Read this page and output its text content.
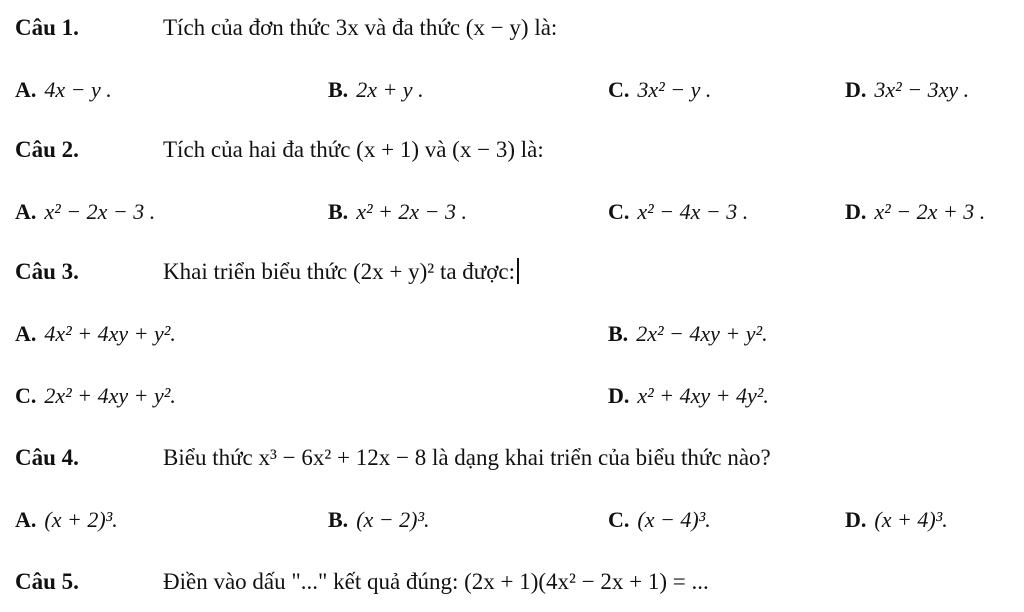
Câu 1.	Tích của đơn thức 3x và đa thức (x − y) là:
A. 4x − y .	B. 2x + y .	C. 3x² − y .	D. 3x² − 3xy .
Câu 2.	Tích của hai đa thức (x + 1) và (x − 3) là:
A. x² − 2x − 3 .	B. x² + 2x − 3 .	C. x² − 4x − 3 .	D. x² − 2x + 3 .
Câu 3.	Khai triển biểu thức (2x + y)² ta được:
A. 4x² + 4xy + y².	B. 2x² − 4xy + y².
C. 2x² + 4xy + y².	D. x² + 4xy + 4y².
Câu 4.	Biểu thức x³ − 6x² + 12x − 8 là dạng khai triển của biểu thức nào?
A. (x + 2)³.	B. (x − 2)³.	C. (x − 4)³.	D. (x + 4)³.
Câu 5.	Điền vào dấu "..." kết quả đúng: (2x + 1)(4x² − 2x + 1) = ...
